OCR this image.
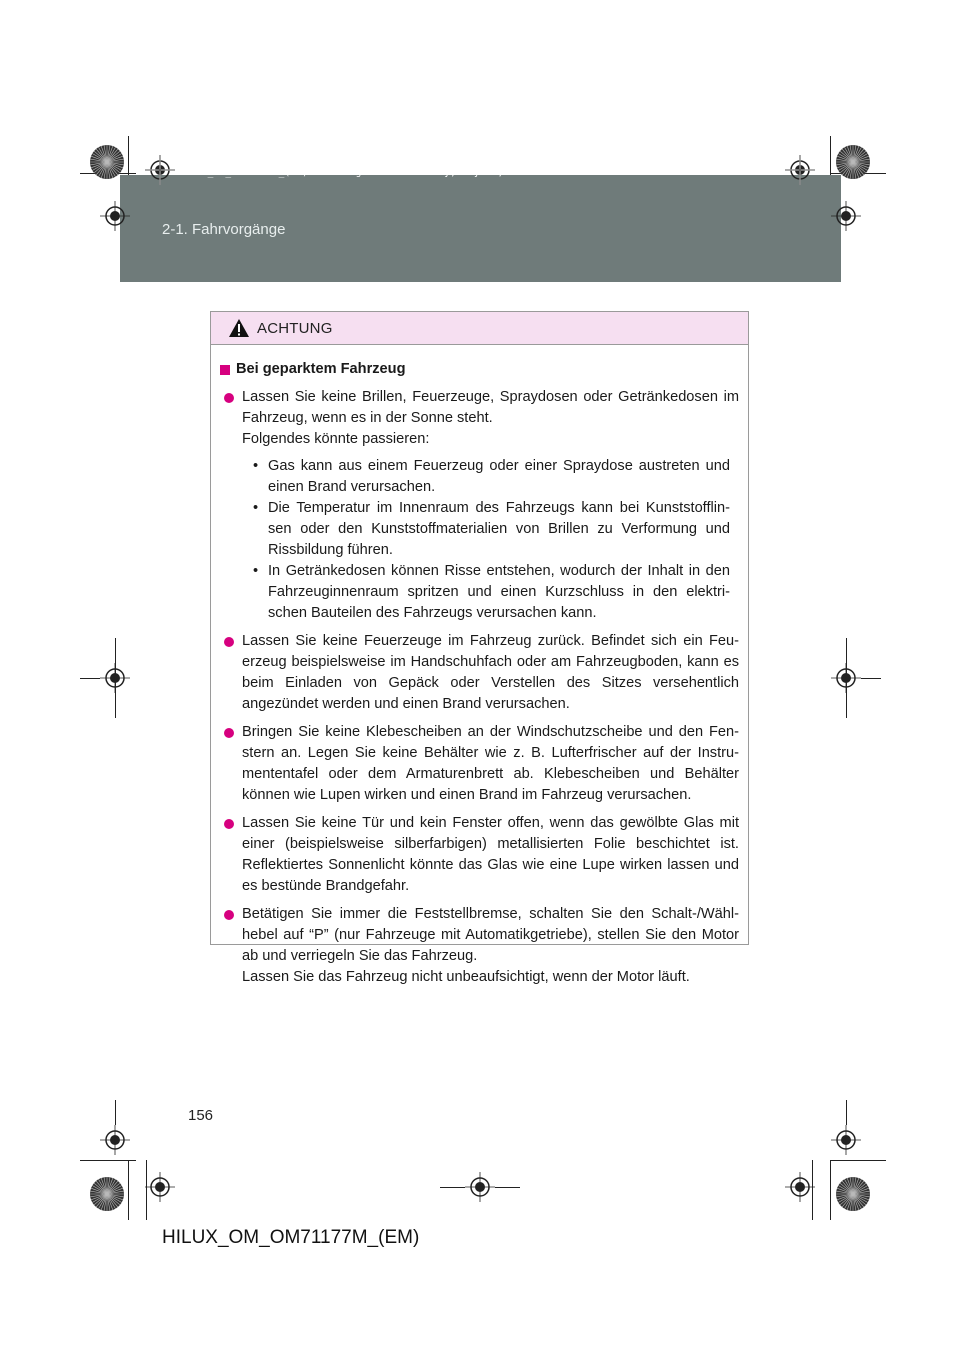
2-1. Fahrvorgänge
HILUX_OM_OM71177M_(EM).book Page 156 Wednesday, May 16, 2012 1:28 PM
ACHTUNG
Bei geparktem Fahrzeug

Lassen Sie keine Brillen, Feuerzeuge, Spraydosen oder Getränkedosen im Fahrzeug, wenn es in der Sonne steht.

Folgendes könnte passieren:

• Gas kann aus einem Feuerzeug oder einer Spraydose austreten und einen Brand verursachen.
• Die Temperatur im Innenraum des Fahrzeugs kann bei Kunststofflin-sen oder den Kunststoffmaterialien von Brillen zu Verformung und Rissbildung führen.
• In Getränkedosen können Risse entstehen, wodurch der Inhalt in den Fahrzeuginnenraum spritzen und einen Kurzschluss in den elektri-schen Bauteilen des Fahrzeugs verursachen kann.
Lassen Sie keine Feuerzeuge im Fahrzeug zurück. Befindet sich ein Feu-erzeug beispielsweise im Handschuhfach oder am Fahrzeugboden, kann es beim Einladen von Gepäck oder Verstellen des Sitzes versehentlich angezündet werden und einen Brand verursachen.
Bringen Sie keine Klebescheiben an der Windschutzscheibe und den Fen-stern an. Legen Sie keine Behälter wie z. B. Lufterfrischer auf der Instru-mententafel oder dem Armaturenbrett ab. Klebescheiben und Behälter können wie Lupen wirken und einen Brand im Fahrzeug verursachen.
Lassen Sie keine Tür und kein Fenster offen, wenn das gewölbte Glas mit einer (beispielsweise silberfarbigen) metallisierten Folie beschichtet ist. Reflektiertes Sonnenlicht könnte das Glas wie eine Lupe wirken lassen und es bestünde Brandgefahr.

Betätigen Sie immer die Feststellbremse, schalten Sie den Schalt-/Wähl-hebel auf “P” (nur Fahrzeuge mit Automatikgetriebe), stellen Sie den Motor ab und verriegeln Sie das Fahrzeug.

Lassen Sie das Fahrzeug nicht unbeaufsichtigt, wenn der Motor läuft.

156
HILUX_OM_OM71177M_(EM)
